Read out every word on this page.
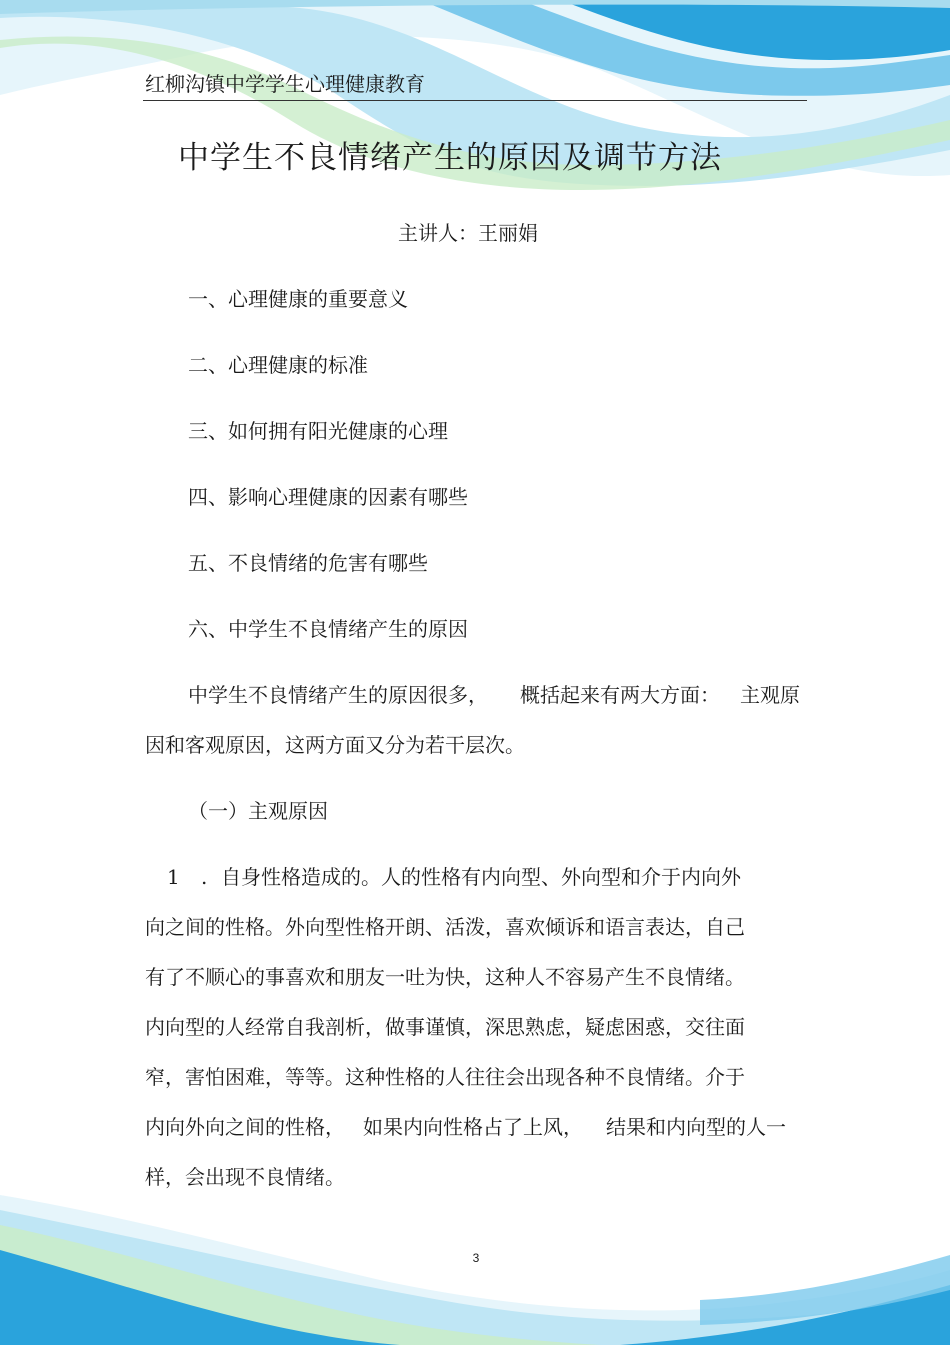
红柳沟镇中学学生心理健康教育
中学生不良情绪产生的原因及调节方法
主讲人：王丽娟
一、心理健康的重要意义
二、心理健康的标准
三、如何拥有阳光健康的心理
四、影响心理健康的因素有哪些
五、不良情绪的危害有哪些
六、中学生不良情绪产生的原因
中学生不良情绪产生的原因很多， 概括起来有两大方面： 主观原
因和客观原因，这两方面又分为若干层次。
（一）主观原因
1 . 自身性格造成的。人的性格有内向型、外向型和介于内向外
向之间的性格。外向型性格开朗、活泼，喜欢倾诉和语言表达，自己
有了不顺心的事喜欢和朋友一吐为快，这种人不容易产生不良情绪。
内向型的人经常自我剖析，做事谨慎，深思熟虑，疑虑困惑，交往面
窄，害怕困难，等等。这种性格的人往往会出现各种不良情绪。介于
内向外向之间的性格， 如果内向性格占了上风， 结果和内向型的人一
样，会出现不良情绪。
3
